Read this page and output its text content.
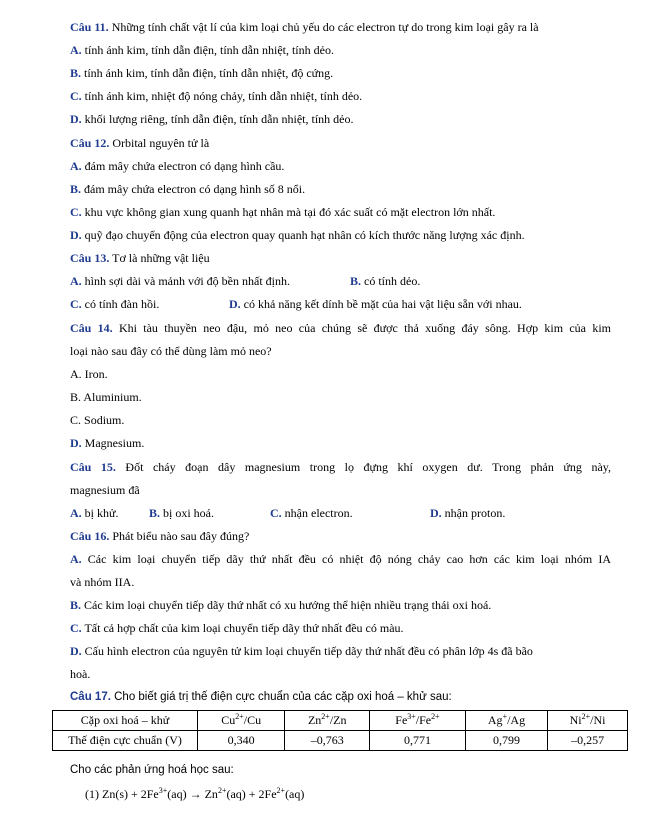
Câu 11. Những tính chất vật lí của kim loại chủ yếu do các electron tự do trong kim loại gây ra là
A. tính ánh kim, tính dẫn điện, tính dẫn nhiệt, tính dẻo.
B. tính ánh kim, tính dẫn điện, tính dẫn nhiệt, độ cứng.
C. tính ánh kim, nhiệt độ nóng chảy, tính dẫn nhiệt, tính dẻo.
D. khối lượng riêng, tính dẫn điện, tính dẫn nhiệt, tính dẻo.
Câu 12. Orbital nguyên tử là
A. đám mây chứa electron có dạng hình cầu.
B. đám mây chứa electron có dạng hình số 8 nổi.
C. khu vực không gian xung quanh hạt nhân mà tại đó xác suất có mặt electron lớn nhất.
D. quỹ đạo chuyển động của electron quay quanh hạt nhân có kích thước năng lượng xác định.
Câu 13. Tơ là những vật liệu
A. hình sợi dài và mảnh với độ bền nhất định.	B. có tính dẻo.
C. có tính đàn hồi.	D. có khả năng kết dính bề mặt của hai vật liệu sẵn với nhau.
Câu 14. Khi tàu thuyền neo đậu, mỏ neo của chúng sẽ được thả xuống đáy sông. Hợp kim của kim
loại nào sau đây có thể dùng làm mỏ neo?
A. Iron.
B. Aluminium.
C. Sodium.
D. Magnesium.
Câu 15. Đốt cháy đoạn dây magnesium trong lọ đựng khí oxygen dư. Trong phản ứng này,
magnesium đã
A. bị khử.	B. bị oxi hoá.	C. nhận electron.	D. nhận proton.
Câu 16. Phát biểu nào sau đây đúng?
A. Các kim loại chuyển tiếp dãy thứ nhất đều có nhiệt độ nóng chảy cao hơn các kim loại nhóm IA
và nhóm IIA.
B. Các kim loại chuyển tiếp dãy thứ nhất có xu hướng thể hiện nhiều trạng thái oxi hoá.
C. Tất cả hợp chất của kim loại chuyển tiếp dãy thứ nhất đều có màu.
D. Cấu hình electron của nguyên tử kim loại chuyển tiếp dãy thứ nhất đều có phân lớp 4s đã bão
hoà.
Câu 17. Cho biết giá trị thế điện cực chuẩn của các cặp oxi hoá – khử sau:
Cặp oxi hoá – khử	$Cu^{2+}/Cu$	$Zn^{2+}/Zn$	$Fe^{3+}/Fe^{2+}$	Ag+/Ag	$Ni^{2+}/Ni$
Thế điện cực chuẩn (V)	0,340	–0,763	0,771	0,799	–0,257
Cho các phản ứng hoá học sau:
(1) $Zn(s) + 2Fe^{3+}(aq) \to Zn^{2+}(aq) + 2Fe^{2+}(aq)$
